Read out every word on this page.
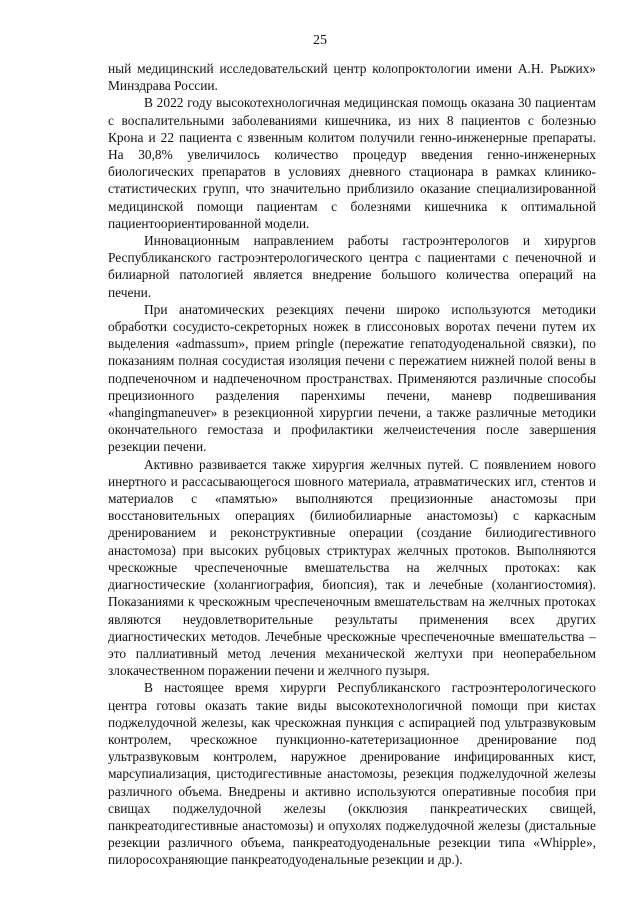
25

ный медицинский исследовательский центр колопроктологии имени А.Н. Рыжих» Минздрава России.

В 2022 году высокотехнологичная медицинская помощь оказана 30 пациентам с воспалительными заболеваниями кишечника, из них 8 пациентов с болезнью Крона и 22 пациента с язвенным колитом получили генно-инженерные препараты. На 30,8% увеличилось количество процедур введения генно-инженерных биологических препаратов в условиях дневного стационара в рамках клинико-статистических групп, что значительно приблизило оказание специализированной медицинской помощи пациентам с болезнями кишечника к оптимальной пациентоориентированной модели.

Инновационным направлением работы гастроэнтерологов и хирургов Республиканского гастроэнтерологического центра с пациентами с печеночной и билиарной патологией является внедрение большого количества операций на печени.

При анатомических резекциях печени широко используются методики обработки сосудисто-секреторных ножек в глиссоновых воротах печени путем их выделения «admassum», прием pringle (пережатие гепатодуоденальной связки), по показаниям полная сосудистая изоляция печени с пережатием нижней полой вены в подпеченочном и надпеченочном пространствах. Применяются различные способы прецизионного разделения паренхимы печени, маневр подвешивания «hangingmaneuver» в резекционной хирургии печени, а также различные методики окончательного гемостаза и профилактики желчеистечения после завершения резекции печени.

Активно развивается также хирургия желчных путей. С появлением нового инертного и рассасывающегося шовного материала, атравматических игл, стентов и материалов с «памятью» выполняются прецизионные анастомозы при восстановительных операциях (билиобилиарные анастомозы) с каркасным дренированием и реконструктивные операции (создание билиодигестивного анастомоза) при высоких рубцовых стриктурах желчных протоков. Выполняются чрескожные чреспеченочные вмешательства на желчных протоках: как диагностические (холангиография, биопсия), так и лечебные (холангиостомия). Показаниями к чрескожным чреспеченочным вмешательствам на желчных протоках являются неудовлетворительные результаты применения всех других диагностических методов. Лечебные чрескожные чреспеченочные вмешательства – это паллиативный метод лечения механической желтухи при неоперабельном злокачественном поражении печени и желчного пузыря.

В настоящее время хирурги Республиканского гастроэнтерологического центра готовы оказать такие виды высокотехнологичной помощи при кистах поджелудочной железы, как чрескожная пункция с аспирацией под ультразвуковым контролем, чрескожное пункционно-катетеризационное дренирование под ультразвуковым контролем, наружное дренирование инфицированных кист, марсупиализация, цистодигестивные анастомозы, резекция поджелудочной железы различного объема. Внедрены и активно используются оперативные пособия при свищах поджелудочной железы (окклюзия панкреатических свищей, панкреатодигестивные анастомозы) и опухолях поджелудочной железы (дистальные резекции различного объема, панкреатодуоденальные резекции типа «Whipple», пилоросохраняющие панкреатодуоденальные резекции и др.).
